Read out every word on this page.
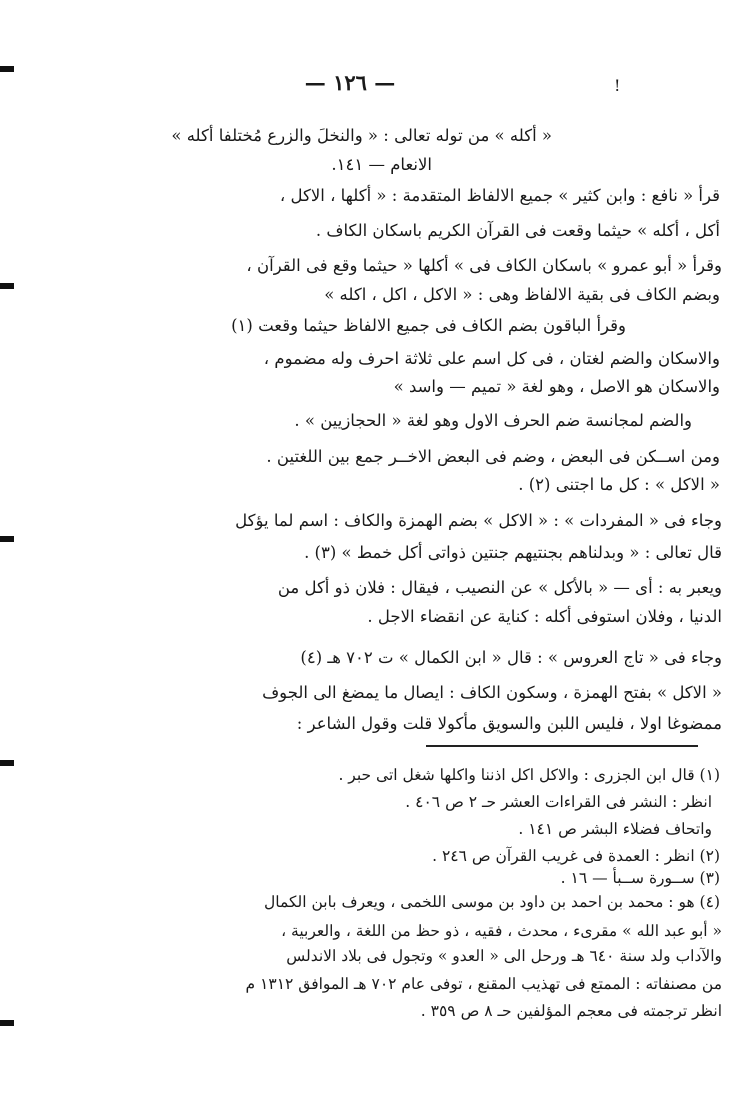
!
— ١٢٦ —
« أكله » من توله تعالى : « والنخلَ والزرع مُختلفا أكله »
الانعام — ١٤١.
قرأ « نافع : وابن كثير » جميع الالفاظ المتقدمة : « أكلها ، الاكل ،
أكل ، أكله » حيثما وقعت فى القرآن الكريم باسكان الكاف .
وقرأ « أبو عمرو » باسكان الكاف فى » أكلها « حيثما وقع فى القرآن ،
وبضم الكاف فى بقية الالفاظ وهى : « الاكل ، اكل ، اكله »
وقرأ الباقون بضم الكاف فى جميع الالفاظ حيثما وقعت (١)
والاسكان والضم لغتان ، فى كل اسم على ثلاثة احرف وله مضموم ،
والاسكان هو الاصل ، وهو لغة « تميم — واسد »
والضم لمجانسة ضم الحرف الاول وهو لغة « الحجازيين » .
ومن اســكن فى البعض ، وضم فى البعض الاخــر جمع بين اللغتين .
« الاكل » : كل ما اجتنى (٢) .
وجاء فى « المفردات » : « الاكل » بضم الهمزة والكاف : اسم لما يؤكل
قال تعالى : « وبدلناهم بجنتيهم جنتين ذواتى أكل خمط » (٣) .
ويعبر به : أى — « بالأكل » عن النصيب ، فيقال : فلان ذو أكل من
الدنيا ، وفلان استوفى أكله : كناية عن انقضاء الاجل .
وجاء فى « تاج العروس » : قال « ابن الكمال » ت ٧٠٢ هـ (٤)
« الاكل » بفتح الهمزة ، وسكون الكاف : ايصال ما يمضغ الى الجوف
ممضوغا اولا ، فليس اللبن والسويق مأكولا قلت وقول الشاعر :
(١) قال ابن الجزرى : والاكل اكل اذننا واكلها شغل اتى حبر .
انظر : النشر فى القراءات العشر حـ ٢ ص ٤٠٦ .
واتحاف فضلاء البشر ص ١٤١ .
(٢) انظر : العمدة فى غريب القرآن ص ٢٤٦ .
(٣) ســورة ســبأ — ١٦ .
(٤) هو : محمد بن احمد بن داود بن موسى اللخمى ، ويعرف بابن الكمال
« أبو عبد الله » مقرىء ، محدث ، فقيه ، ذو حظ من اللغة ، والعربية ،
والآداب ولد سنة ٦٤٠ هـ ورحل الى « العدو » وتجول فى بلاد الاندلس
من مصنفاته : الممتع فى تهذيب المقنع ، توفى عام ٧٠٢ هـ الموافق ١٣١٢ م
انظر ترجمته فى معجم المؤلفين حـ ٨ ص ٣٥٩ .
